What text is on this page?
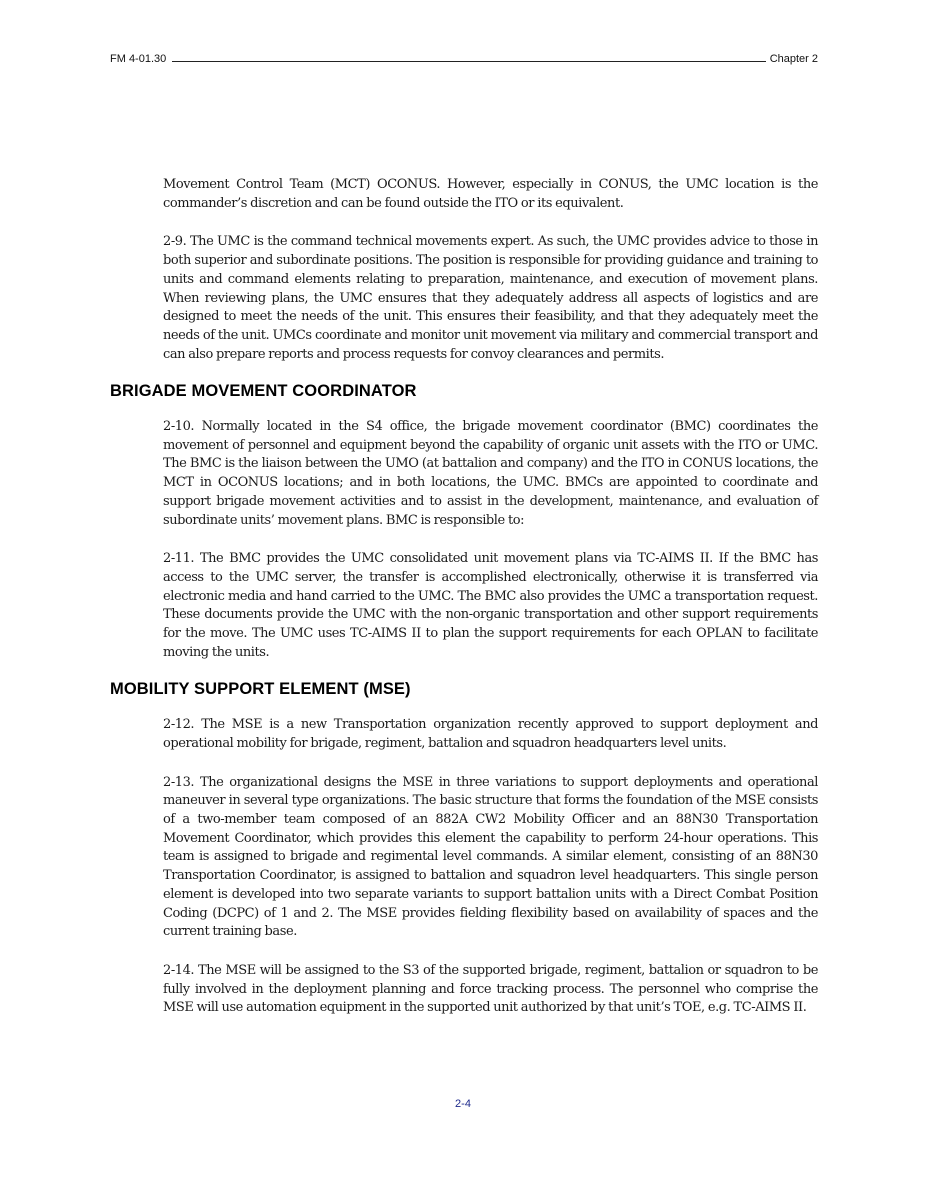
FM 4-01.30	Chapter 2

Movement Control Team (MCT) OCONUS. However, especially in CONUS, the UMC location is the commander’s discretion and can be found outside the ITO or its equivalent.

2-9. The UMC is the command technical movements expert. As such, the UMC provides advice to those in both superior and subordinate positions. The position is responsible for providing guidance and training to units and command elements relating to preparation, maintenance, and execution of movement plans. When reviewing plans, the UMC ensures that they adequately address all aspects of logistics and are designed to meet the needs of the unit. This ensures their feasibility, and that they adequately meet the needs of the unit. UMCs coordinate and monitor unit movement via military and commercial transport and can also prepare reports and process requests for convoy clearances and permits.

BRIGADE MOVEMENT COORDINATOR

2-10. Normally located in the S4 office, the brigade movement coordinator (BMC) coordinates the movement of personnel and equipment beyond the capability of organic unit assets with the ITO or UMC. The BMC is the liaison between the UMO (at battalion and company) and the ITO in CONUS locations, the MCT in OCONUS locations; and in both locations, the UMC. BMCs are appointed to coordinate and support brigade movement activities and to assist in the development, maintenance, and evaluation of subordinate units’ movement plans. BMC is responsible to:

2-11. The BMC provides the UMC consolidated unit movement plans via TC-AIMS II. If the BMC has access to the UMC server, the transfer is accomplished electronically, otherwise it is transferred via electronic media and hand carried to the UMC. The BMC also provides the UMC a transportation request. These documents provide the UMC with the non-organic transportation and other support requirements for the move. The UMC uses TC-AIMS II to plan the support requirements for each OPLAN to facilitate moving the units.

MOBILITY SUPPORT ELEMENT (MSE)

2-12. The MSE is a new Transportation organization recently approved to support deployment and operational mobility for brigade, regiment, battalion and squadron headquarters level units.

2-13. The organizational designs the MSE in three variations to support deployments and operational maneuver in several type organizations. The basic structure that forms the foundation of the MSE consists of a two-member team composed of an 882A CW2 Mobility Officer and an 88N30 Transportation Movement Coordinator, which provides this element the capability to perform 24-hour operations. This team is assigned to brigade and regimental level commands. A similar element, consisting of an 88N30 Transportation Coordinator, is assigned to battalion and squadron level headquarters. This single person element is developed into two separate variants to support battalion units with a Direct Combat Position Coding (DCPC) of 1 and 2. The MSE provides fielding flexibility based on availability of spaces and the current training base.

2-14. The MSE will be assigned to the S3 of the supported brigade, regiment, battalion or squadron to be fully involved in the deployment planning and force tracking process. The personnel who comprise the MSE will use automation equipment in the supported unit authorized by that unit’s TOE, e.g. TC-AIMS II.

2-4
